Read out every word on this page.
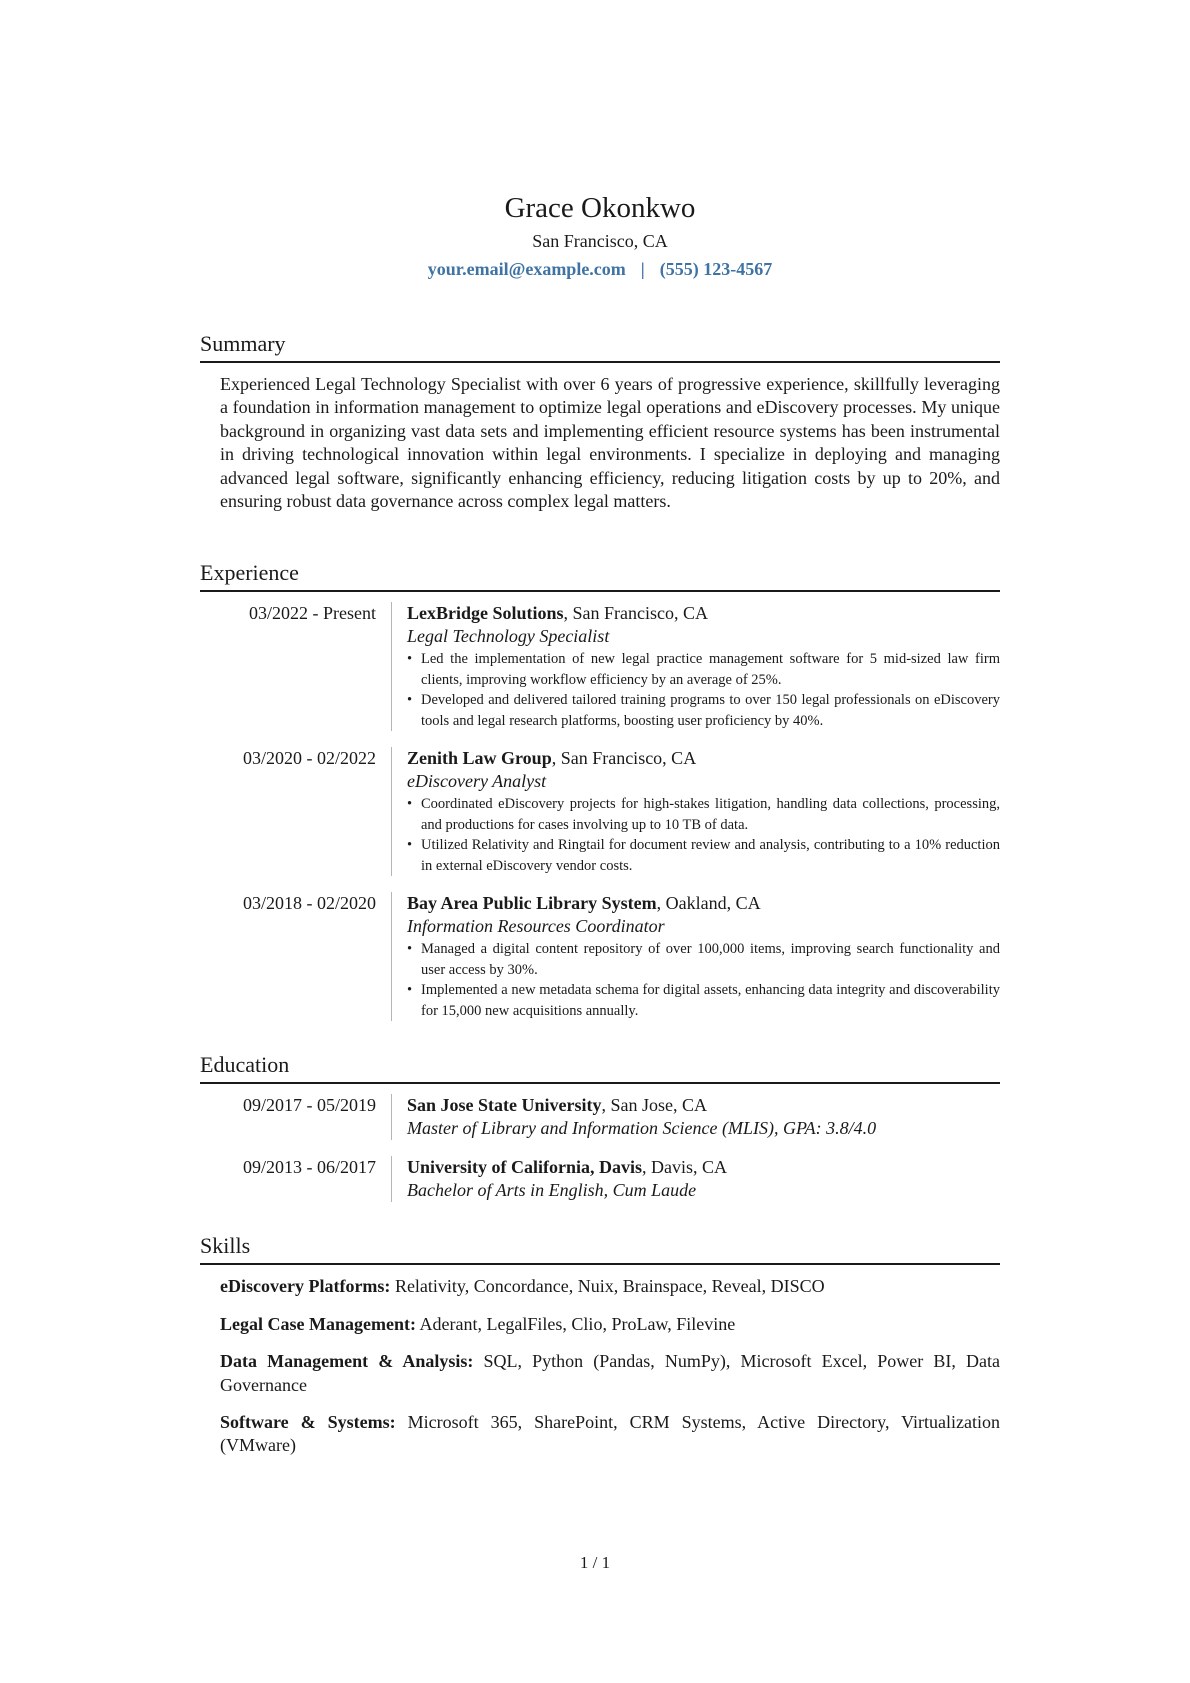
Grace Okonkwo
San Francisco, CA
your.email@example.com | (555) 123-4567
Summary

Experienced Legal Technology Specialist with over 6 years of progressive experience, skillfully leveraging a foundation in information management to optimize legal operations and eDiscovery processes. My unique background in organizing vast data sets and implementing efficient resource systems has been instrumental in driving technological innovation within legal environments. I specialize in deploying and managing advanced legal software, significantly enhancing efficiency, reducing litigation costs by up to 20%, and ensuring robust data governance across complex legal matters.

Experience
03/2022 - Present	LexBridge Solutions, San Francisco, CA
Legal Technology Specialist
• Led the implementation of new legal practice management software for 5 mid-sized law firm clients, improving workflow efficiency by an average of 25%.
• Developed and delivered tailored training programs to over 150 legal professionals on eDiscovery tools and legal research platforms, boosting user proficiency by 40%.
03/2020 - 02/2022	Zenith Law Group, San Francisco, CA
eDiscovery Analyst
• Coordinated eDiscovery projects for high-stakes litigation, handling data collections, processing, and productions for cases involving up to 10 TB of data.
• Utilized Relativity and Ringtail for document review and analysis, contributing to a 10% reduction in external eDiscovery vendor costs.
03/2018 - 02/2020	Bay Area Public Library System, Oakland, CA
Information Resources Coordinator
• Managed a digital content repository of over 100,000 items, improving search functionality and user access by 30%.
• Implemented a new metadata schema for digital assets, enhancing data integrity and discoverability for 15,000 new acquisitions annually.
Education
09/2017 - 05/2019	San Jose State University, San Jose, CA
Master of Library and Information Science (MLIS), GPA: 3.8/4.0
09/2013 - 06/2017	University of California, Davis, Davis, CA
Bachelor of Arts in English, Cum Laude
Skills
eDiscovery Platforms: Relativity, Concordance, Nuix, Brainspace, Reveal, DISCO
Legal Case Management: Aderant, LegalFiles, Clio, ProLaw, Filevine
Data Management & Analysis: SQL, Python (Pandas, NumPy), Microsoft Excel, Power BI, Data Governance
Software & Systems: Microsoft 365, SharePoint, CRM Systems, Active Directory, Virtualization (VMware)
1 / 1
